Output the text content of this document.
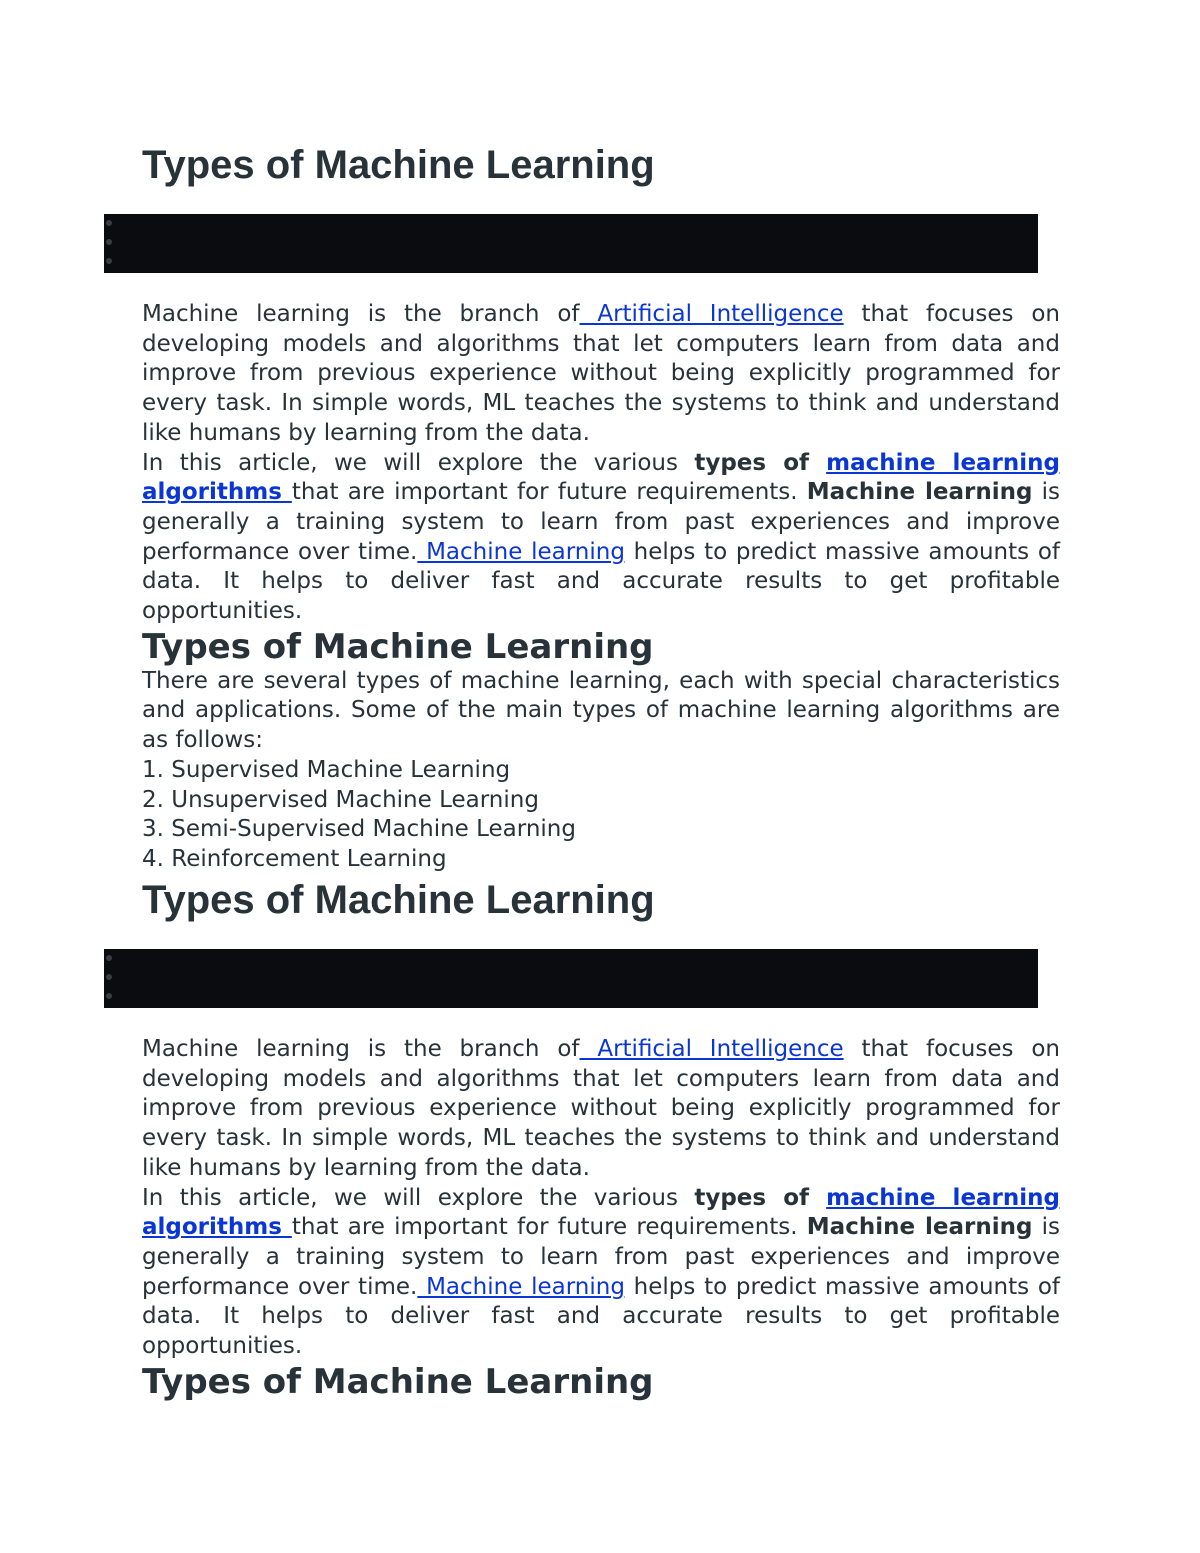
Types of Machine Learning

Machine learning is the branch of Artificial Intelligence that focuses on developing models and algorithms that let computers learn from data and improve from previous experience without being explicitly programmed for every task. In simple words, ML teaches the systems to think and understand like humans by learning from the data.

In this article, we will explore the various types of machine learning algorithms that are important for future requirements. Machine learning is generally a training system to learn from past experiences and improve performance over time. Machine learning helps to predict massive amounts of data. It helps to deliver fast and accurate results to get profitable opportunities.

Types of Machine Learning

There are several types of machine learning, each with special characteristics and applications. Some of the main types of machine learning algorithms are as follows:

1. Supervised Machine Learning
2. Unsupervised Machine Learning
3. Semi-Supervised Machine Learning
4. Reinforcement Learning
Types of Machine Learning

Machine learning is the branch of Artificial Intelligence that focuses on developing models and algorithms that let computers learn from data and improve from previous experience without being explicitly programmed for every task. In simple words, ML teaches the systems to think and understand like humans by learning from the data.

In this article, we will explore the various types of machine learning algorithms that are important for future requirements. Machine learning is generally a training system to learn from past experiences and improve performance over time. Machine learning helps to predict massive amounts of data. It helps to deliver fast and accurate results to get profitable opportunities.

Types of Machine Learning
